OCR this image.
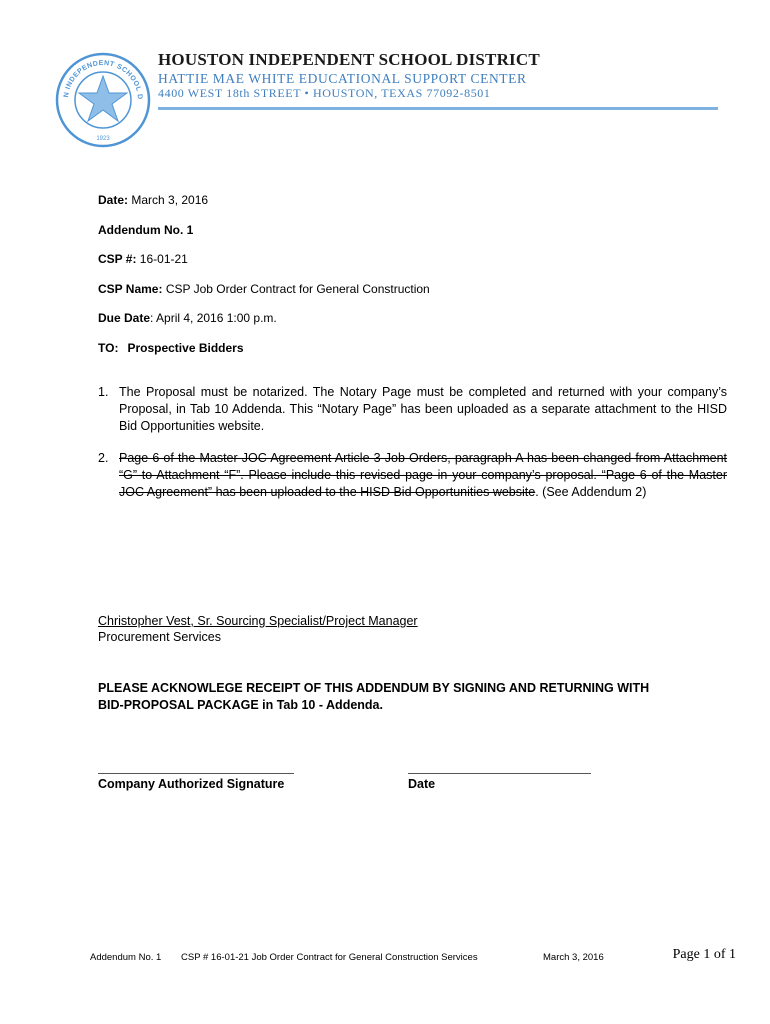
N INDEPENDENT SCHOOL D
1923
HOUSTON INDEPENDENT SCHOOL DISTRICT
HATTIE MAE WHITE EDUCATIONAL SUPPORT CENTER
4400 WEST 18th STREET • HOUSTON, TEXAS 77092-8501
Date: March 3, 2016
Addendum No. 1
CSP #: 16-01-21
CSP Name: CSP Job Order Contract for General Construction
Due Date: April 4, 2016 1:00 p.m.
TO: Prospective Bidders
1. The Proposal must be notarized. The Notary Page must be completed and returned with your company’s Proposal, in Tab 10 Addenda. This “Notary Page” has been uploaded as a separate attachment to the HISD Bid Opportunities website.
2. Page 6 of the Master JOC Agreement Article 3 Job Orders, paragraph A has been changed from Attachment “G” to Attachment “F”. Please include this revised page in your company’s proposal. “Page 6 of the Master JOC Agreement” has been uploaded to the HISD Bid Opportunities website. (See Addendum 2)
Christopher Vest, Sr. Sourcing Specialist/Project Manager
Procurement Services
PLEASE ACKNOWLEGE RECEIPT OF THIS ADDENDUM BY SIGNING AND RETURNING WITH BID-PROPOSAL PACKAGE in Tab 10 - Addenda.
Company Authorized Signature	Date
Addendum No. 1 CSP # 16-01-21 Job Order Contract for General Construction Services	March 3, 2016	Page 1 of 1
